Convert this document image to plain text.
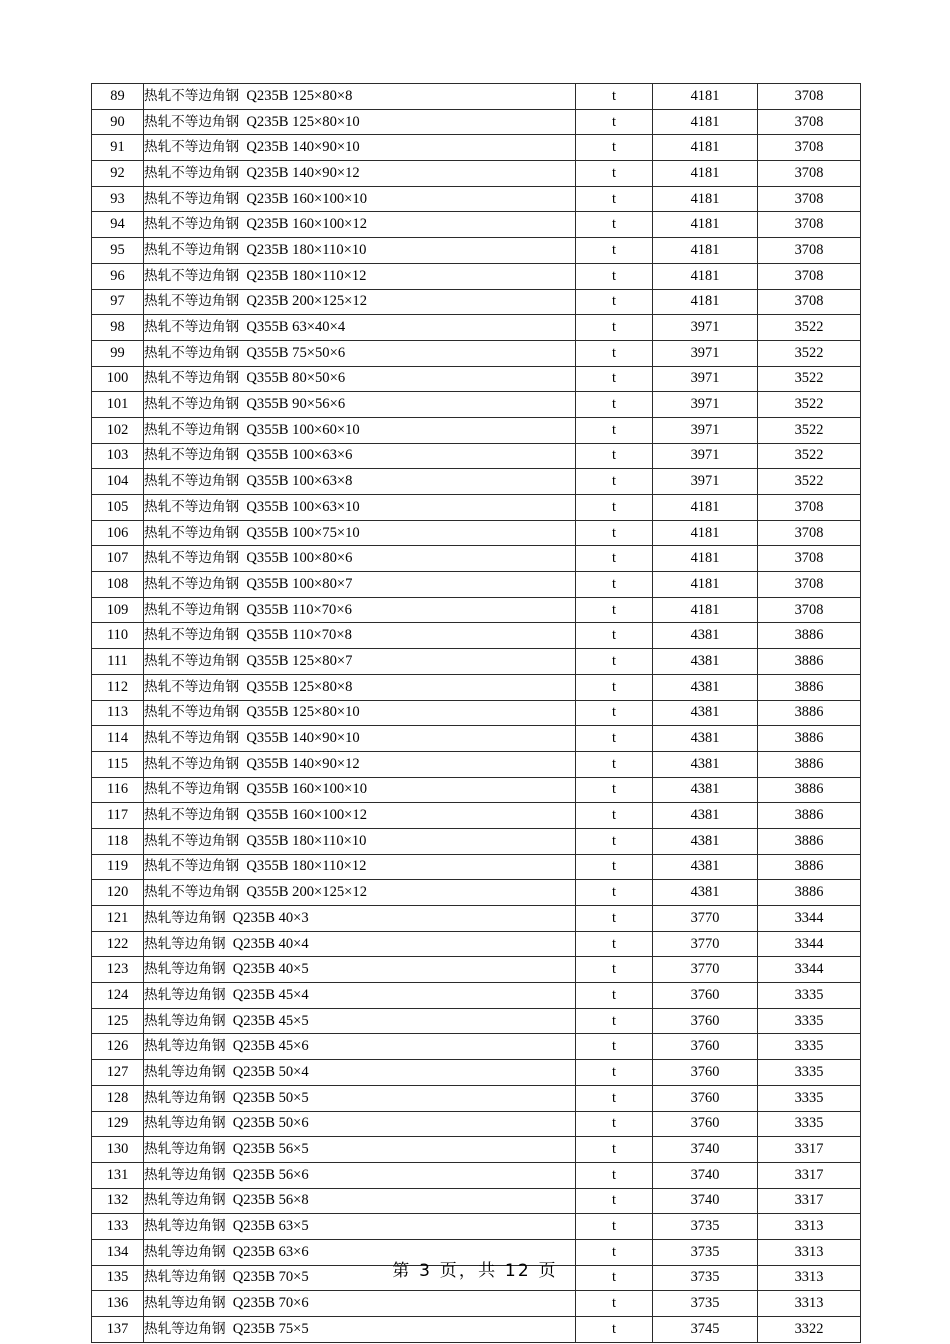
89	热轧不等边角钢  Q235B 125×80×8	t	4181	3708
90	热轧不等边角钢  Q235B 125×80×10	t	4181	3708
91	热轧不等边角钢  Q235B 140×90×10	t	4181	3708
92	热轧不等边角钢  Q235B 140×90×12	t	4181	3708
93	热轧不等边角钢  Q235B 160×100×10	t	4181	3708
94	热轧不等边角钢  Q235B 160×100×12	t	4181	3708
95	热轧不等边角钢  Q235B 180×110×10	t	4181	3708
96	热轧不等边角钢  Q235B 180×110×12	t	4181	3708
97	热轧不等边角钢  Q235B 200×125×12	t	4181	3708
98	热轧不等边角钢  Q355B 63×40×4	t	3971	3522
99	热轧不等边角钢  Q355B 75×50×6	t	3971	3522
100	热轧不等边角钢  Q355B 80×50×6	t	3971	3522
101	热轧不等边角钢  Q355B 90×56×6	t	3971	3522
102	热轧不等边角钢  Q355B 100×60×10	t	3971	3522
103	热轧不等边角钢  Q355B 100×63×6	t	3971	3522
104	热轧不等边角钢  Q355B 100×63×8	t	3971	3522
105	热轧不等边角钢  Q355B 100×63×10	t	4181	3708
106	热轧不等边角钢  Q355B 100×75×10	t	4181	3708
107	热轧不等边角钢  Q355B 100×80×6	t	4181	3708
108	热轧不等边角钢  Q355B 100×80×7	t	4181	3708
109	热轧不等边角钢  Q355B 110×70×6	t	4181	3708
110	热轧不等边角钢  Q355B 110×70×8	t	4381	3886
111	热轧不等边角钢  Q355B 125×80×7	t	4381	3886
112	热轧不等边角钢  Q355B 125×80×8	t	4381	3886
113	热轧不等边角钢  Q355B 125×80×10	t	4381	3886
114	热轧不等边角钢  Q355B 140×90×10	t	4381	3886
115	热轧不等边角钢  Q355B 140×90×12	t	4381	3886
116	热轧不等边角钢  Q355B 160×100×10	t	4381	3886
117	热轧不等边角钢  Q355B 160×100×12	t	4381	3886
118	热轧不等边角钢  Q355B 180×110×10	t	4381	3886
119	热轧不等边角钢  Q355B 180×110×12	t	4381	3886
120	热轧不等边角钢  Q355B 200×125×12	t	4381	3886
121	热轧等边角钢  Q235B 40×3	t	3770	3344
122	热轧等边角钢  Q235B 40×4	t	3770	3344
123	热轧等边角钢  Q235B 40×5	t	3770	3344
124	热轧等边角钢  Q235B 45×4	t	3760	3335
125	热轧等边角钢  Q235B 45×5	t	3760	3335
126	热轧等边角钢  Q235B 45×6	t	3760	3335
127	热轧等边角钢  Q235B 50×4	t	3760	3335
128	热轧等边角钢  Q235B 50×5	t	3760	3335
129	热轧等边角钢  Q235B 50×6	t	3760	3335
130	热轧等边角钢  Q235B 56×5	t	3740	3317
131	热轧等边角钢  Q235B 56×6	t	3740	3317
132	热轧等边角钢  Q235B 56×8	t	3740	3317
133	热轧等边角钢  Q235B 63×5	t	3735	3313
134	热轧等边角钢  Q235B 63×6	t	3735	3313
135	热轧等边角钢  Q235B 70×5	t	3735	3313
136	热轧等边角钢  Q235B 70×6	t	3735	3313
137	热轧等边角钢  Q235B 75×5	t	3745	3322
第 3 页，共 12 页
